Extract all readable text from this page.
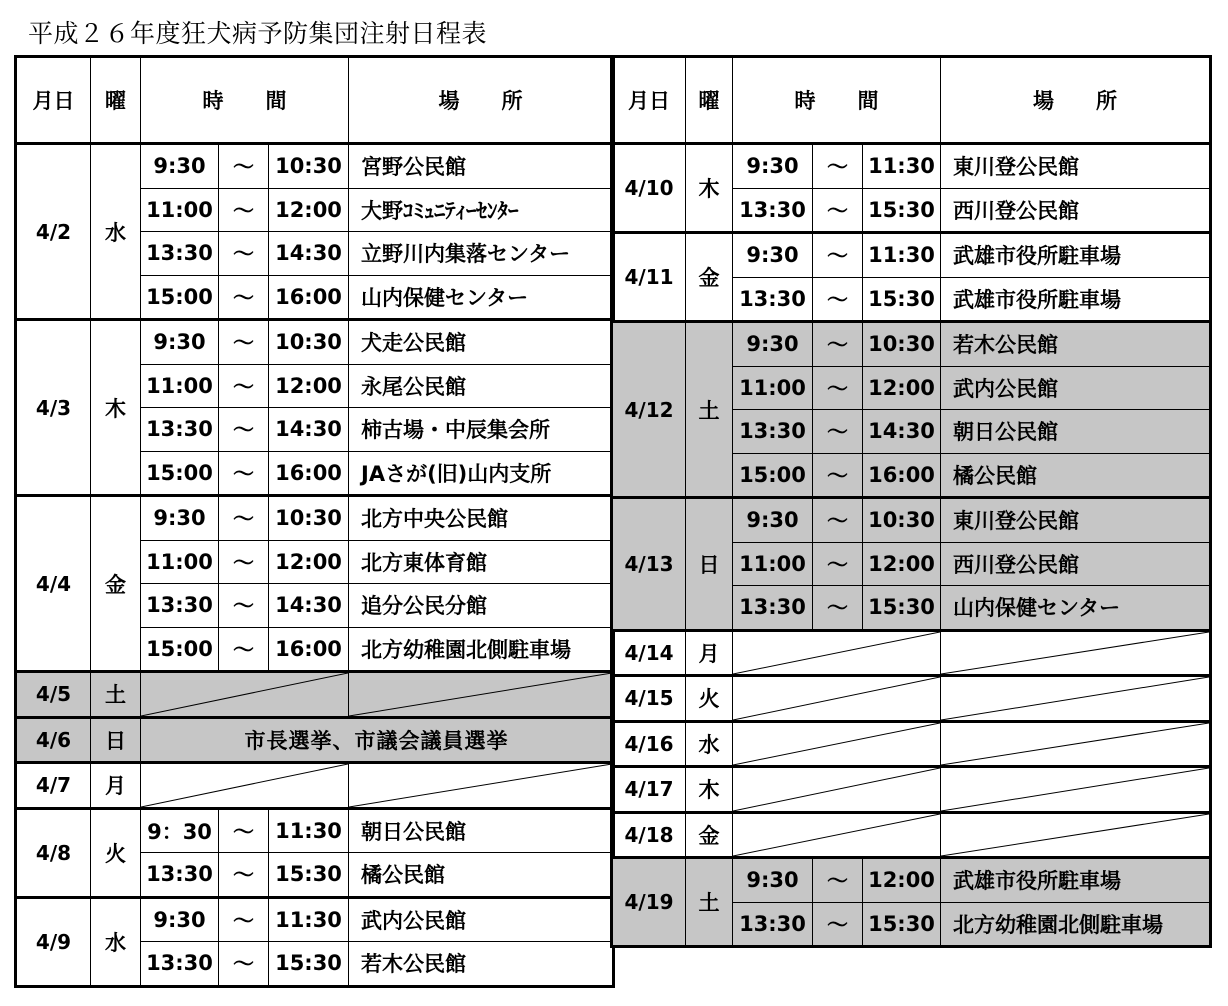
平成２６年度狂犬病予防集団注射日程表
月日	曜	時　　間			場　　所
4/2	水	9:30	〜	10:30	宮野公民館
		11:00	〜	12:00	大野ｺﾐｭﾆﾃｨｰｾﾝﾀｰ
		13:30	〜	14:30	立野川内集落センター
		15:00	〜	16:00	山内保健センター
4/3	木	9:30	〜	10:30	犬走公民館
		11:00	〜	12:00	永尾公民館
		13:30	〜	14:30	柿古場・中辰集会所
		15:00	〜	16:00	JAさが(旧)山内支所
4/4	金	9:30	〜	10:30	北方中央公民館
		11:00	〜	12:00	北方東体育館
		13:30	〜	14:30	追分公民分館
		15:00	〜	16:00	北方幼稚園北側駐車場
4/5	土				
4/6	日	市長選挙、市議会議員選挙			
4/7	月				
4/8	火	9：30	〜	11:30	朝日公民館
		13:30	〜	15:30	橘公民館
4/9	水	9:30	〜	11:30	武内公民館
		13:30	〜	15:30	若木公民館
月日	曜	時　　間			場　　所
4/10	木	9:30	〜	11:30	東川登公民館
		13:30	〜	15:30	西川登公民館
4/11	金	9:30	〜	11:30	武雄市役所駐車場
		13:30	〜	15:30	武雄市役所駐車場
4/12	土	9:30	〜	10:30	若木公民館
		11:00	〜	12:00	武内公民館
		13:30	〜	14:30	朝日公民館
		15:00	〜	16:00	橘公民館
4/13	日	9:30	〜	10:30	東川登公民館
		11:00	〜	12:00	西川登公民館
		13:30	〜	15:30	山内保健センター
4/14	月				
4/15	火				
4/16	水				
4/17	木				
4/18	金				
4/19	土	9:30	〜	12:00	武雄市役所駐車場
		13:30	〜	15:30	北方幼稚園北側駐車場
